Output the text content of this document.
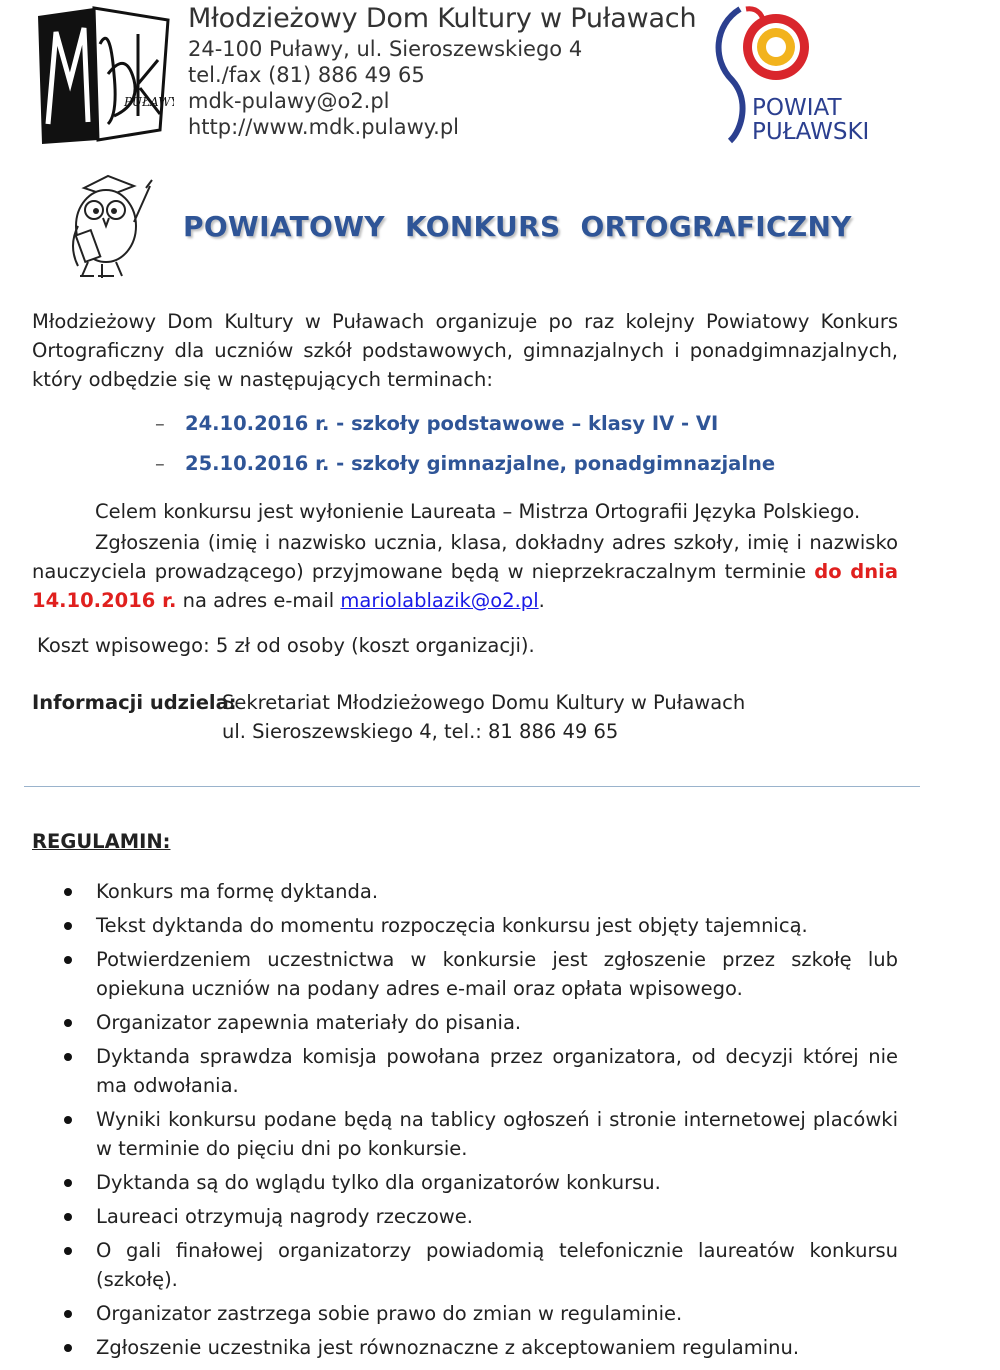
PUŁAWY
Młodzieżowy Dom Kultury w Puławach
24-100 Puławy, ul. Sieroszewskiego 4
tel./fax (81) 886 49 65
mdk-pulawy@o2.pl
http://www.mdk.pulawy.pl
POWIAT
PUŁAWSKI
POWIATOWY  KONKURS  ORTOGRAFICZNY
Młodzieżowy Dom Kultury w Puławach organizuje po raz kolejny Powiatowy Konkurs Ortograficzny dla uczniów szkół podstawowych, gimnazjalnych i ponadgimnazjalnych, który odbędzie się w następujących terminach:
– 24.10.2016 r. - szkoły podstawowe – klasy IV - VI
– 25.10.2016 r. - szkoły gimnazjalne, ponadgimnazjalne
Celem konkursu jest wyłonienie Laureata – Mistrza Ortografii Języka Polskiego.
Zgłoszenia (imię i nazwisko ucznia, klasa, dokładny adres szkoły, imię i nazwisko nauczyciela prowadzącego) przyjmowane będą w nieprzekraczalnym terminie do dnia 14.10.2016 r. na adres e-mail mariolablazik@o2.pl.
Koszt wpisowego: 5 zł od osoby (koszt organizacji).
Informacji udziela:
Sekretariat Młodzieżowego Domu Kultury w Puławach
ul. Sieroszewskiego 4, tel.: 81 886 49 65
REGULAMIN:
Konkurs ma formę dyktanda.
Tekst dyktanda do momentu rozpoczęcia konkursu jest objęty tajemnicą.
Potwierdzeniem uczestnictwa w konkursie jest zgłoszenie przez szkołę lub opiekuna uczniów na podany adres e-mail oraz opłata wpisowego.
Organizator zapewnia materiały do pisania.
Dyktanda sprawdza komisja powołana przez organizatora, od decyzji której nie ma odwołania.
Wyniki konkursu podane będą na tablicy ogłoszeń i stronie internetowej placówki w terminie do pięciu dni po konkursie.
Dyktanda są do wglądu tylko dla organizatorów konkursu.
Laureaci otrzymują nagrody rzeczowe.
O gali finałowej organizatorzy powiadomią telefonicznie laureatów konkursu (szkołę).
Organizator zastrzega sobie prawo do zmian w regulaminie.
Zgłoszenie uczestnika jest równoznaczne z akceptowaniem regulaminu.
